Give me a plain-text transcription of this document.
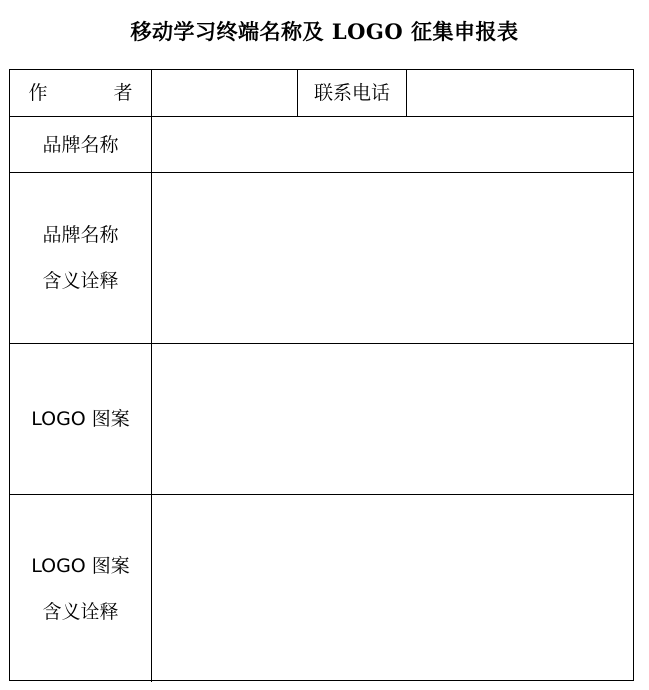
移动学习终端名称及 LOGO 征集申报表
作 者	联系电话
品牌名称
品牌名称
含义诠释
LOGO 图案
LOGO 图案
含义诠释
